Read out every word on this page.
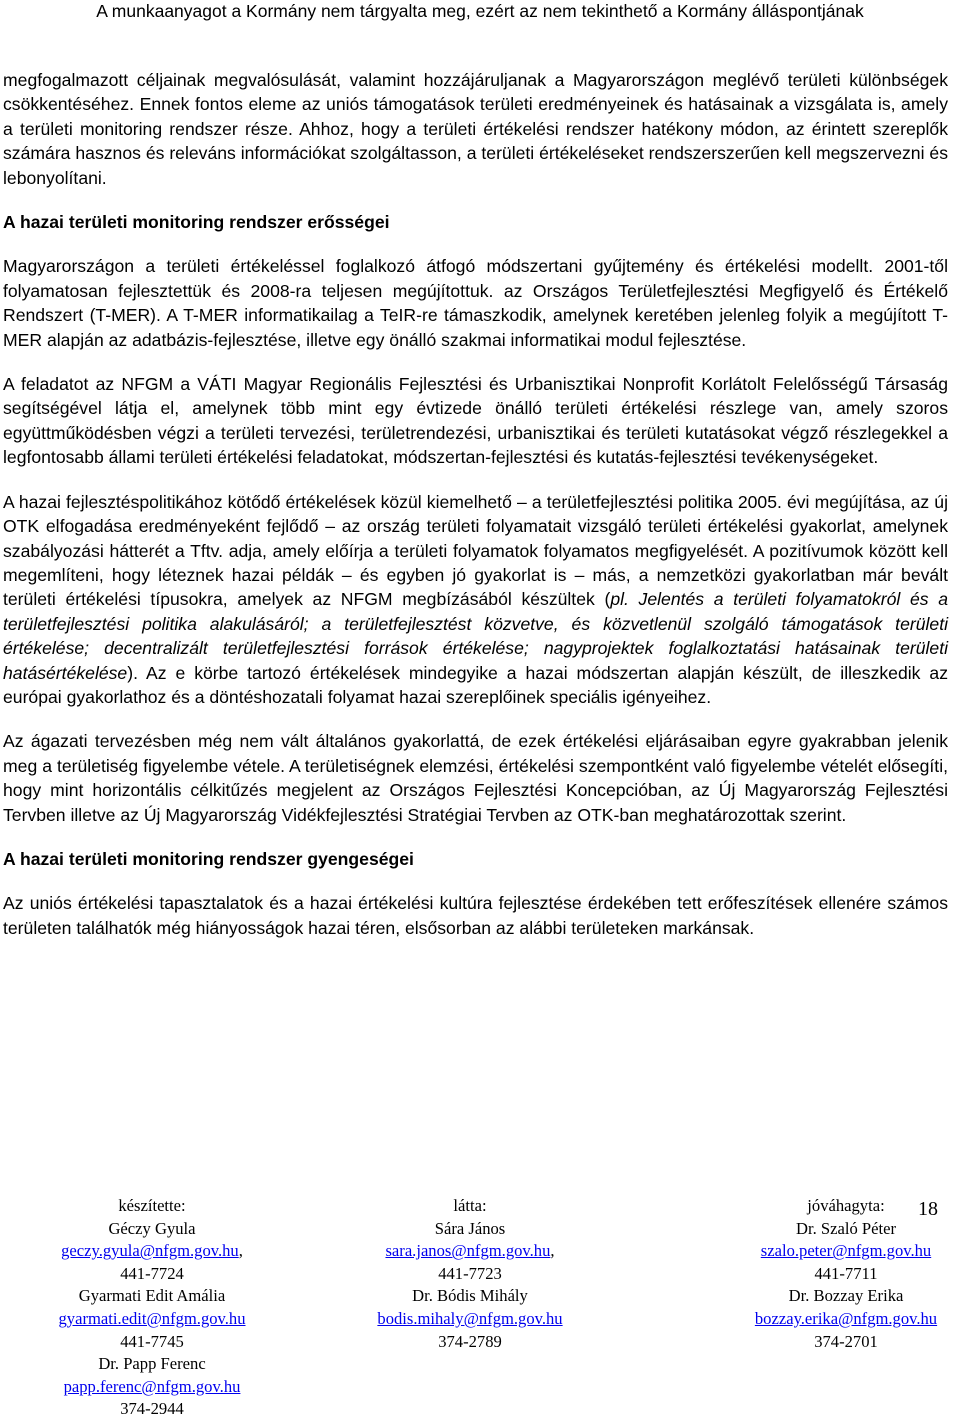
A munkaanyagot a Kormány nem tárgyalta meg, ezért az nem tekinthető a Kormány álláspontjának

megfogalmazott céljainak megvalósulását, valamint hozzájáruljanak a Magyarországon meglévő területi különbségek csökkentéséhez. Ennek fontos eleme az uniós támogatások területi eredményeinek és hatásainak a vizsgálata is, amely a területi monitoring rendszer része. Ahhoz, hogy a területi értékelési rendszer hatékony módon, az érintett szereplők számára hasznos és releváns információkat szolgáltasson, a területi értékeléseket rendszerszerűen kell megszervezni és lebonyolítani.

A hazai területi monitoring rendszer erősségei

Magyarországon a területi értékeléssel foglalkozó átfogó módszertani gyűjtemény és értékelési modellt. 2001-től folyamatosan fejlesztettük és 2008-ra teljesen megújítottuk. az Országos Területfejlesztési Megfigyelő és Értékelő Rendszert (T-MER). A T-MER informatikailag a TeIR-re támaszkodik, amelynek keretében jelenleg folyik a megújított T-MER alapján az adatbázis-fejlesztése, illetve egy önálló szakmai informatikai modul fejlesztése.

A feladatot az NFGM a VÁTI Magyar Regionális Fejlesztési és Urbanisztikai Nonprofit Korlátolt Felelősségű Társaság segítségével látja el, amelynek több mint egy évtizede önálló területi értékelési részlege van, amely szoros együttműködésben végzi a területi tervezési, területrendezési, urbanisztikai és területi kutatásokat végző részlegekkel a legfontosabb állami területi értékelési feladatokat, módszertan-fejlesztési és kutatás-fejlesztési tevékenységeket.

A hazai fejlesztéspolitikához kötődő értékelések közül kiemelhető – a területfejlesztési politika 2005. évi megújítása, az új OTK elfogadása eredményeként fejlődő – az ország területi folyamatait vizsgáló területi értékelési gyakorlat, amelynek szabályozási hátterét a Tftv. adja, amely előírja a területi folyamatok folyamatos megfigyelését. A pozitívumok között kell megemlíteni, hogy léteznek hazai példák – és egyben jó gyakorlat is – más, a nemzetközi gyakorlatban már bevált területi értékelési típusokra, amelyek az NFGM megbízásából készültek (pl. Jelentés a területi folyamatokról és a területfejlesztési politika alakulásáról; a területfejlesztést közvetve, és közvetlenül szolgáló támogatások területi értékelése; decentralizált területfejlesztési források értékelése; nagyprojektek foglalkoztatási hatásainak területi hatásértékelése). Az e körbe tartozó értékelések mindegyike a hazai módszertan alapján készült, de illeszkedik az európai gyakorlathoz és a döntéshozatali folyamat hazai szereplőinek speciális igényeihez.

Az ágazati tervezésben még nem vált általános gyakorlattá, de ezek értékelési eljárásaiban egyre gyakrabban jelenik meg a területiség figyelembe vétele. A területiségnek elemzési, értékelési szempontként való figyelembe vételét elősegíti, hogy mint horizontális célkitűzés megjelent az Országos Fejlesztési Koncepcióban, az Új Magyarország Fejlesztési Tervben illetve az Új Magyarország Vidékfejlesztési Stratégiai Tervben az OTK-ban meghatározottak szerint.

A hazai területi monitoring rendszer gyengeségei

Az uniós értékelési tapasztalatok és a hazai értékelési kultúra fejlesztése érdekében tett erőfeszítések ellenére számos területen találhatók még hiányosságok hazai téren, elsősorban az alábbi területeken markánsak.

készítette:
Géczy Gyula
geczy.gyula@nfgm.gov.hu,
441-7724
Gyarmati Edit Amália
gyarmati.edit@nfgm.gov.hu
441-7745
Dr. Papp Ferenc
papp.ferenc@nfgm.gov.hu
374-2944
látta:
Sára János
sara.janos@nfgm.gov.hu,
441-7723
Dr. Bódis Mihály
bodis.mihaly@nfgm.gov.hu
374-2789
jóváhagyta:
Dr. Szaló Péter
szalo.peter@nfgm.gov.hu
441-7711
Dr. Bozzay Erika
bozzay.erika@nfgm.gov.hu
374-2701
18
